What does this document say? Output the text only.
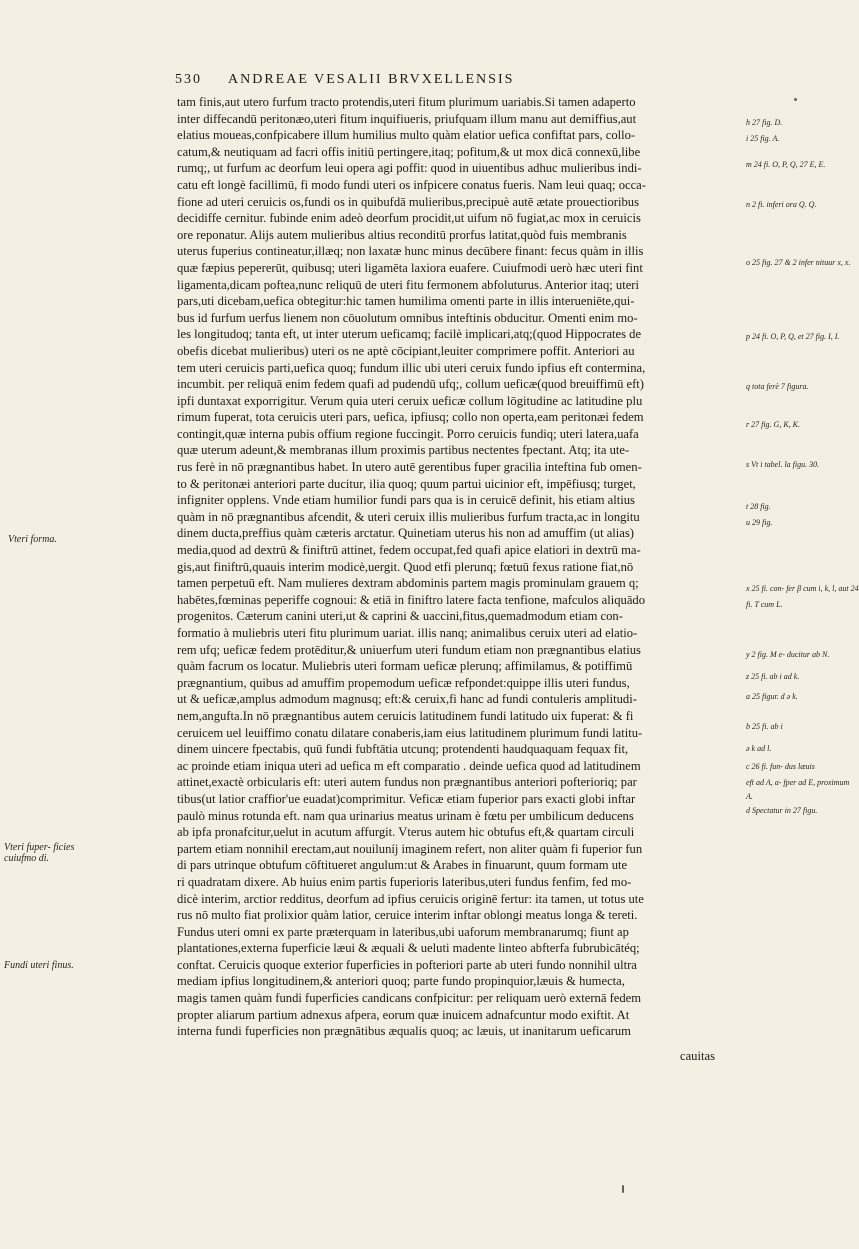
530 ANDREAE VESALII BRVXELLENSIS
tam finis,aut utero furfum tracto protendis,uteri fitum plurimum uariabis.Si tamen adaperto
inter diffecandū peritonæo,uteri fitum inquifiueris, priufquam illum manu aut demiffius,aut
elatius moueas,confpicabere illum humilius multo quàm elatior uefica confiftat pars, collo-
catum,& neutiquam ad facri offis initiū pertingere,itaq; pofitum,& ut mox dicā connexū,libe
rumq;, ut furfum ac deorfum leui opera agi poffit: quod in uiuentibus adhuc mulieribus indi-
catu eft longè facillimū, fi modo fundi uteri os infpicere conatus fueris. Nam leui quaq; occa-
fione ad uteri ceruicis os,fundi os in quibufdā mulieribus,precipuè autē ætate prouectioribus
decidiffe cernitur. fubinde enim adeò deorfum procidit,ut uifum nō fugiat,ac mox in ceruicis
ore reponatur. Alijs autem mulieribus altius reconditū prorfus latitat,quòd fuis membranis
uterus fuperius contineatur,illæq; non laxatæ hunc minus decūbere finant: fecus quàm in illis
quæ fæpius pepererūt, quibusq; uteri ligamēta laxiora euafere. Cuiufmodi uerò hæc uteri fint
ligamenta,dicam poftea,nunc reliquū de uteri fitu fermonem abfoluturus. Anterior itaq; uteri
pars,uti dicebam,uefica obtegitur:hic tamen humilima omenti parte in illis interueniēte,qui-
bus id furfum uerfus lienem non cōuolutum omnibus inteftinis obducitur. Omenti enim mo-
les longitudoq; tanta eft, ut inter uterum ueficamq; facilè implicari,atq;(quod Hippocrates de
obefis dicebat mulieribus) uteri os ne aptè cōcipiant,leuiter comprimere poffit. Anteriori au
tem uteri ceruicis parti,uefica quoq; fundum illic ubi uteri ceruix fundo ipfius eft contermina,
incumbit. per reliquā enim fedem quafi ad pudendū ufq;, collum ueficæ(quod breuiffimū eft)
ipfi duntaxat exporrigitur. Verum quia uteri ceruix ueficæ collum lōgitudine ac latitudine plu
rimum fuperat, tota ceruicis uteri pars, uefica, ipfiusq; collo non operta,eam peritonæi fedem
contingit,quæ interna pubis offium regione fuccingit. Porro ceruicis fundiq; uteri latera,uafa
quæ uterum adeunt,& membranas illum proximis partibus nectentes fpectant. Atq; ita ute-
rus ferè in nō prægnantibus habet. In utero autē gerentibus fuper gracilia inteftina fub omen-
to & peritonæi anteriori parte ducitur, ilia quoq; quum partui uicinior eft, impēfiusq; turget,
infigniter opplens. Vnde etiam humilior fundi pars qua is in ceruicē definit, his etiam altius
quàm in nō prægnantibus afcendit, & uteri ceruix illis mulieribus furfum tracta,ac in longitu
dinem ducta,preffius quàm cæteris arctatur. Quinetiam uterus his non ad amuffim (ut alias)
media,quod ad dextrū & finiftrū attinet, fedem occupat,fed quafi apice elatiori in dextrū ma-
gis,aut finiftrū,quauis interim modicè,uergit. Quod etfi plerunq; fœtuū fexus ratione fiat,nō
tamen perpetuū eft. Nam mulieres dextram abdominis partem magis prominulam grauem q;
habētes,fœminas peperiffe cognoui: & etiā in finiftro latere facta tenfione, mafculos aliquādo
progenitos. Cæterum canini uteri,ut & caprini & uaccini,fitus,quemadmodum etiam con-
formatio à muliebris uteri fitu plurimum uariat. illis nanq; animalibus ceruix uteri ad elatio-
rem ufq; ueficæ fedem protēditur,& uniuerfum uteri fundum etiam non prægnantibus elatius
quàm facrum os locatur. Muliebris uteri formam ueficæ plerunq; affimilamus, & potiffimū
prægnantium, quibus ad amuffim propemodum ueficæ refpondet:quippe illis uteri fundus,
ut & ueficæ,amplus admodum magnusq; eft:& ceruix,fi hanc ad fundi contuleris amplitudi-
nem,angufta.In nō prægnantibus autem ceruicis latitudinem fundi latitudo uix fuperat: & fi
ceruicem uel leuiffimo conatu dilatare conaberis,iam eius latitudinem plurimum fundi latitu-
dinem uincere fpectabis, quū fundi fubftātia utcunq; protendenti haudquaquam fequax fit,
ac proinde etiam iniqua uteri ad uefica m eft comparatio . deinde uefica quod ad latitudinem
attinet,exactè orbicularis eft: uteri autem fundus non prægnantibus anteriori pofterioriq; par
tibus(ut latior craffior'ue euadat)comprimitur. Veficæ etiam fuperior pars exacti globi inftar
paulò minus rotunda eft. nam qua urinarius meatus urinam è fœtu per umbilicum deducens
ab ipfa pronafcitur,uelut in acutum affurgit. Vterus autem hic obtufus eft,& quartam circuli
partem etiam nonnihil erectam,aut nouiluníj imaginem refert, non aliter quàm fi fuperior fun
di pars utrinque obtufum cōftitueret angulum:ut & Arabes in finuarunt, quum formam ute
ri quadratam dixere. Ab huius enim partis fuperioris lateribus,uteri fundus fenfim, fed mo-
dicè interim, arctior redditus, deorfum ad ipfius ceruicis originē fertur: ita tamen, ut totus ute
rus nō multo fiat prolixior quàm latior, ceruice interim inftar oblongi meatus longa & tereti.
Fundus uteri omni ex parte præterquam in lateribus,ubi uaforum membranarumq; fiunt ap
plantationes,externa fuperficie læui & æquali & ueluti madente linteo abfterfa fubrubicātéq;
conftat. Ceruicis quoque exterior fuperficies in pofteriori parte ab uteri fundo nonnihil ultra
mediam ipfius longitudinem,& anteriori quoq; parte fundo propinquior,læuis & humecta,
magis tamen quàm fundi fuperficies candicans confpicitur: per reliquam uerò externā fedem
propter aliarum partium adnexus afpera, eorum quæ inuicem adnafcuntur modo exiftit. At
interna fundi fuperficies non prægnātibus æqualis quoq; ac læuis, ut inanitarum ueficarum
cauitas
h 27 fig. D.
i 25 fig. A.
m 24 fi. O, P, Q, 27 E, E.
n 2 fi. inferi ora Q. Q.
o 25 fig. 27 & 2 infer nituur x, x.
p 24 fi. O, P, Q, et 27 fig. I, I.
q tota ferè 7 figura.
r 27 fig. G, K, K.
s Vt i tabel. la figu. 30.
t 28 fig.
u 29 fig.
x 25 fi. con- fer β cum i, k, l, aut 24
fi. T cum L.
y 2 fig. M e- ducitur ab N.
z 25 fi. ab i ad k.
a 25 figur. d ǝ k.
b 25 fi. ab i
ǝ k ad l.
c 26 fi. fun- dus læuis
eft ad A, a- fper ad E, proximum
A.
d Spectatur in 27 figu.
Vteri forma.
Vteri fuper- ficies cuiufmo di.
Fundi uteri finus.
